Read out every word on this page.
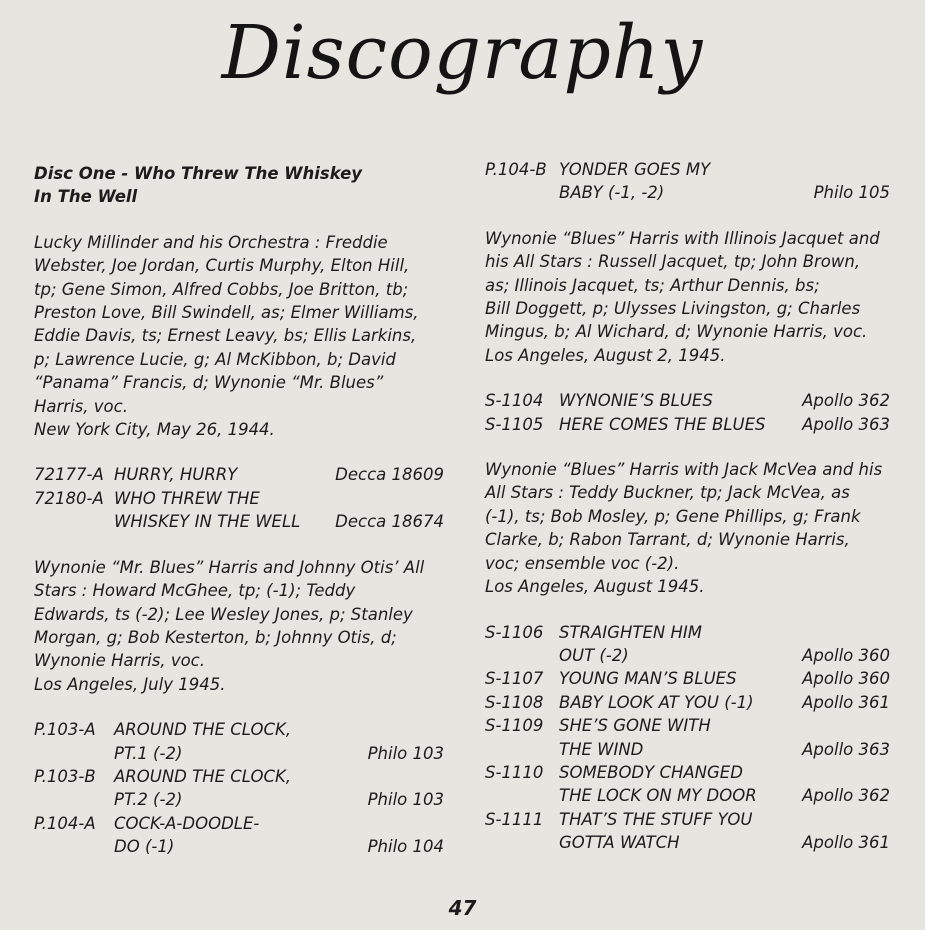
Discography
Disc One - Who Threw The Whiskey
In The Well

Lucky Millinder and his Orchestra : Freddie

Webster, Joe Jordan, Curtis Murphy, Elton Hill,

tp; Gene Simon, Alfred Cobbs, Joe Britton, tb;

Preston Love, Bill Swindell, as; Elmer Williams,

Eddie Davis, ts; Ernest Leavy, bs; Ellis Larkins,

p; Lawrence Lucie, g; Al McKibbon, b; David

“Panama” Francis, d; Wynonie “Mr. Blues”

Harris, voc.

New York City, May 26, 1944.

72177-A HURRY, HURRY	Decca 18609
72180-A WHO THREW THE
WHISKEY IN THE WELL	Decca 18674

Wynonie “Mr. Blues” Harris and Johnny Otis’ All

Stars : Howard McGhee, tp; (-1); Teddy

Edwards, ts (-2); Lee Wesley Jones, p; Stanley

Morgan, g; Bob Kesterton, b; Johnny Otis, d;

Wynonie Harris, voc.

Los Angeles, July 1945.

P.103-A	AROUND THE CLOCK,
PT.1 (-2)	Philo 103
P.103-B	AROUND THE CLOCK,
PT.2 (-2)	Philo 103
P.104-A	COCK-A-DOODLE-
DO (-1)	Philo 104
P.104-B YONDER GOES MY
BABY (-1, -2)	Philo 105

Wynonie “Blues” Harris with Illinois Jacquet and

his All Stars : Russell Jacquet, tp; John Brown,

as; Illinois Jacquet, ts; Arthur Dennis, bs;

Bill Doggett, p; Ulysses Livingston, g; Charles

Mingus, b; Al Wichard, d; Wynonie Harris, voc.

Los Angeles, August 2, 1945.

S-1104 WYNONIE’S BLUES	Apollo 362
S-1105 HERE COMES THE BLUES	Apollo 363

Wynonie “Blues” Harris with Jack McVea and his

All Stars : Teddy Buckner, tp; Jack McVea, as

(-1), ts; Bob Mosley, p; Gene Phillips, g; Frank

Clarke, b; Rabon Tarrant, d; Wynonie Harris,

voc; ensemble voc (-2).

Los Angeles, August 1945.

S-1106 STRAIGHTEN HIM
OUT (-2)	Apollo 360
S-1107 YOUNG MAN’S BLUES	Apollo 360
S-1108 BABY LOOK AT YOU (-1)	Apollo 361
S-1109 SHE’S GONE WITH
THE WIND	Apollo 363
S-1110 SOMEBODY CHANGED
THE LOCK ON MY DOOR	Apollo 362
S-1111 THAT’S THE STUFF YOU
GOTTA WATCH	Apollo 361
47
